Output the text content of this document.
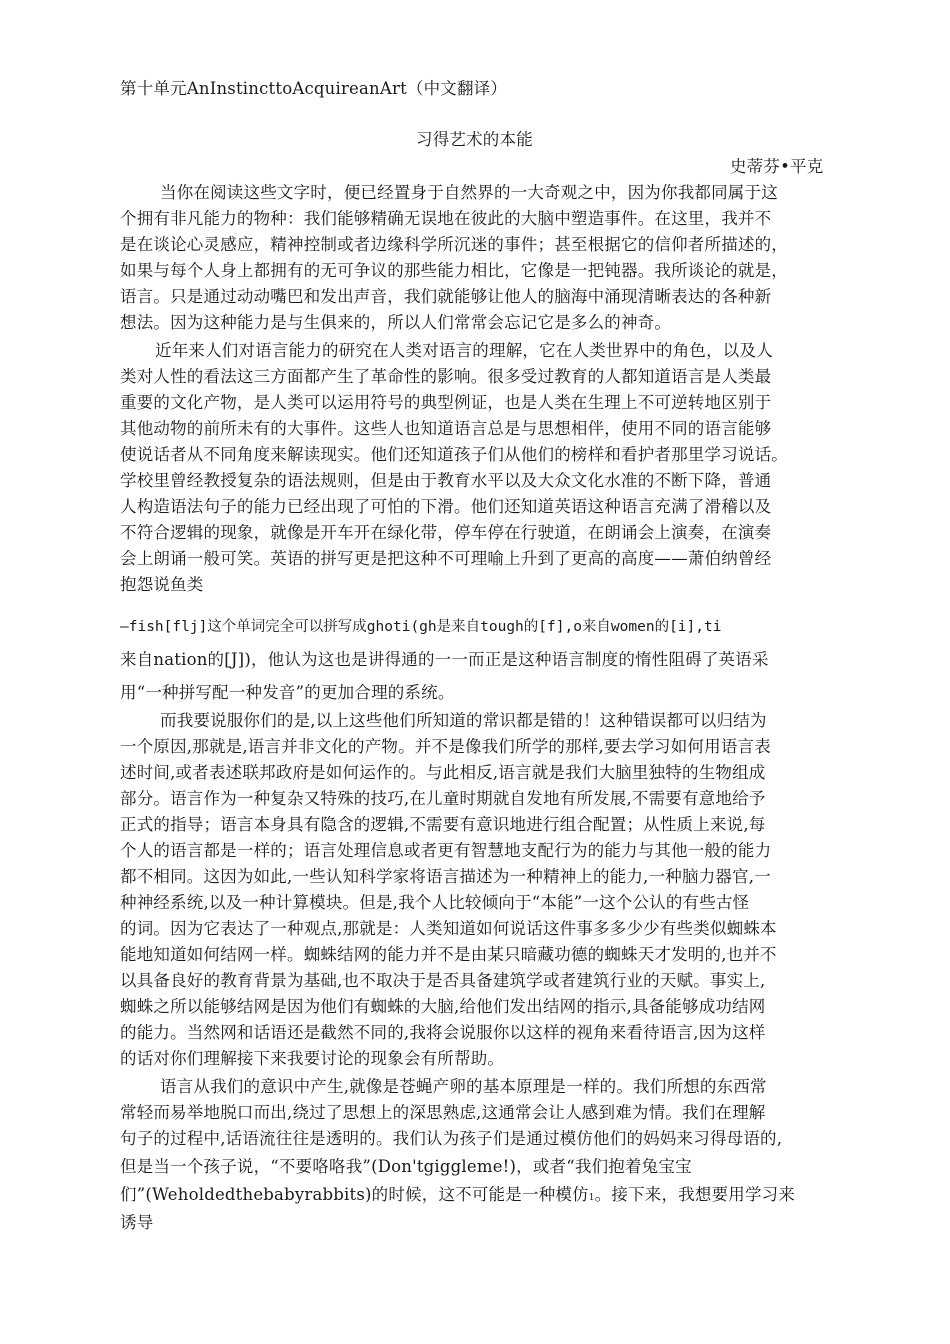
第十单元AnInstincttoAcquireanArt（中文翻译）
习得艺术的本能
史蒂芬•平克
当你在阅读这些文字时，便已经置身于自然界的一大奇观之中，因为你我都同属于这
个拥有非凡能力的物种：我们能够精确无误地在彼此的大脑中塑造事件。在这里，我并不
是在谈论心灵感应，精神控制或者边缘科学所沉迷的事件；甚至根据它的信仰者所描述的，
如果与每个人身上都拥有的无可争议的那些能力相比，它像是一把钝器。我所谈论的就是，
语言。只是通过动动嘴巴和发出声音，我们就能够让他人的脑海中涌现清晰表达的各种新
想法。因为这种能力是与生俱来的，所以人们常常会忘记它是多么的神奇。
近年来人们对语言能力的研究在人类对语言的理解，它在人类世界中的角色，以及人
类对人性的看法这三方面都产生了革命性的影响。很多受过教育的人都知道语言是人类最
重要的文化产物，是人类可以运用符号的典型例证，也是人类在生理上不可逆转地区别于
其他动物的前所未有的大事件。这些人也知道语言总是与思想相伴，使用不同的语言能够
使说话者从不同角度来解读现实。他们还知道孩子们从他们的榜样和看护者那里学习说话。
学校里曾经教授复杂的语法规则，但是由于教育水平以及大众文化水准的不断下降，普通
人构造语法句子的能力已经出现了可怕的下滑。他们还知道英语这种语言充满了滑稽以及
不符合逻辑的现象，就像是开车开在绿化带，停车停在行驶道，在朗诵会上演奏，在演奏
会上朗诵一般可笑。英语的拼写更是把这种不可理喻上升到了更高的高度——萧伯纳曾经
抱怨说鱼类
—fish[flj]这个单词完全可以拼写成ghoti(gh是来自tough的[f],o来自women的[i],ti
来自nation的[J])，他认为这也是讲得通的一一而正是这种语言制度的惰性阻碍了英语采
用“一种拼写配一种发音”的更加合理的系统。
而我要说服你们的是,以上这些他们所知道的常识都是错的！这种错误都可以归结为
一个原因,那就是,语言并非文化的产物。并不是像我们所学的那样,要去学习如何用语言表
述时间,或者表述联邦政府是如何运作的。与此相反,语言就是我们大脑里独特的生物组成
部分。语言作为一种复杂又特殊的技巧,在儿童时期就自发地有所发展,不需要有意地给予
正式的指导；语言本身具有隐含的逻辑,不需要有意识地进行组合配置；从性质上来说,每
个人的语言都是一样的；语言处理信息或者更有智慧地支配行为的能力与其他一般的能力
都不相同。这因为如此,一些认知科学家将语言描述为一种精神上的能力,一种脑力器官,一
种神经系统,以及一种计算模块。但是,我个人比较倾向于“本能”一这个公认的有些古怪
的词。因为它表达了一种观点,那就是：人类知道如何说话这件事多多少少有些类似蜘蛛本
能地知道如何结网一样。蜘蛛结网的能力并不是由某只暗藏功德的蜘蛛天才发明的,也并不
以具备良好的教育背景为基础,也不取决于是否具备建筑学或者建筑行业的天赋。事实上,
蜘蛛之所以能够结网是因为他们有蜘蛛的大脑,给他们发出结网的指示,具备能够成功结网
的能力。当然网和话语还是截然不同的,我将会说服你以这样的视角来看待语言,因为这样
的话对你们理解接下来我要讨论的现象会有所帮助。
语言从我们的意识中产生,就像是苍蝇产卵的基本原理是一样的。我们所想的东西常
常轻而易举地脱口而出,绕过了思想上的深思熟虑,这通常会让人感到难为情。我们在理解
句子的过程中,话语流往往是透明的。我们认为孩子们是通过模仿他们的妈妈来习得母语的,
但是当一个孩子说，“不要咯咯我”(Don'tgiggleme!)，或者“我们抱着兔宝宝
们”(Weholdedthebabyrabbits)的时候，这不可能是一种模仿1。接下来，我想要用学习来
诱导
